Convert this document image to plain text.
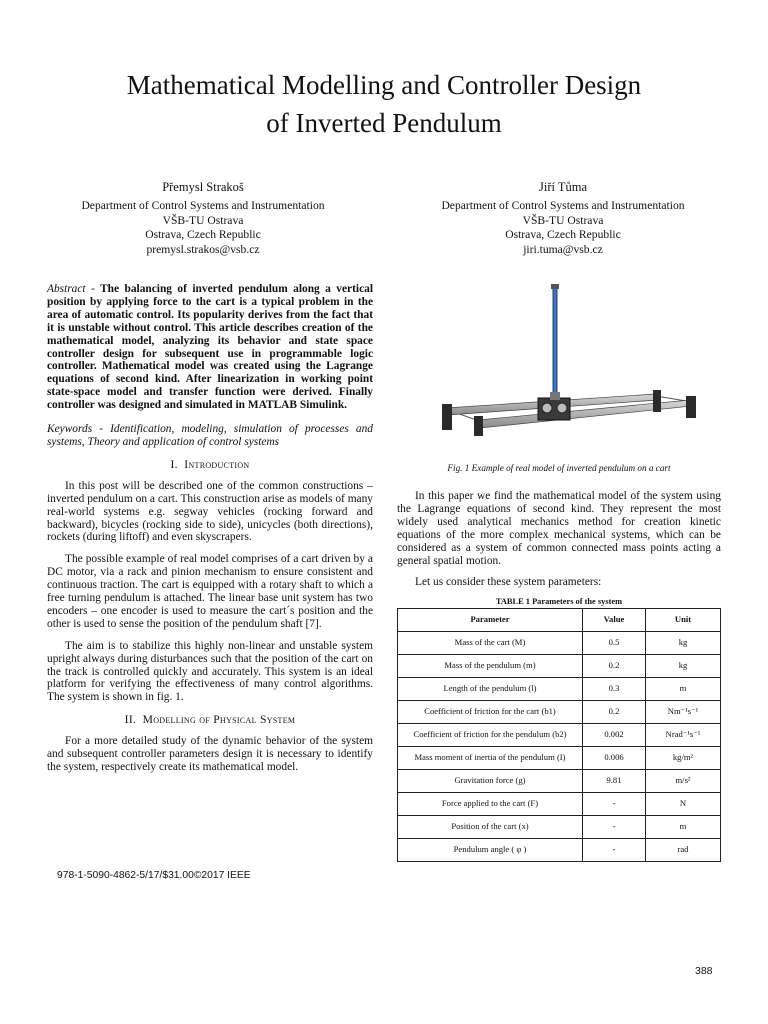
Mathematical Modelling and Controller Design
of Inverted Pendulum
Přemysl Strakoš
Department of Control Systems and Instrumentation
VŠB-TU Ostrava
Ostrava, Czech Republic
premysl.strakos@vsb.cz
Jiří Tůma
Department of Control Systems and Instrumentation
VŠB-TU Ostrava
Ostrava, Czech Republic
jiri.tuma@vsb.cz

Abstract - The balancing of inverted pendulum along a vertical position by applying force to the cart is a typical problem in the area of automatic control. Its popularity derives from the fact that it is unstable without control. This article describes creation of the mathematical model, analyzing its behavior and state space controller design for subsequent use in programmable logic controller. Mathematical model was created using the Lagrange equations of second kind. After linearization in working point state-space model and transfer function were derived. Finally controller was designed and simulated in MATLAB Simulink.

Keywords - Identification, modeling, simulation of processes and systems, Theory and application of control systems

I. Introduction

In this post will be described one of the common constructions – inverted pendulum on a cart. This construction arise as models of many real-world systems e.g. segway vehicles (rocking forward and backward), bicycles (rocking side to side), unicycles (both directions), rockets (during liftoff) and even skyscrapers.

The possible example of real model comprises of a cart driven by a DC motor, via a rack and pinion mechanism to ensure consistent and continuous traction. The cart is equipped with a rotary shaft to which a free turning pendulum is attached. The linear base unit system has two encoders – one encoder is used to measure the cart´s position and the other is used to sense the position of the pendulum shaft [7].

The aim is to stabilize this highly non-linear and unstable system upright always during disturbances such that the position of the cart on the track is controlled quickly and accurately. This system is an ideal platform for verifying the effectiveness of many control algorithms. The system is shown in fig. 1.

II. Modelling of Physical System

For a more detailed study of the dynamic behavior of the system and subsequent controller parameters design it is necessary to identify the system, respectively create its mathematical model.

Fig. 1 Example of real model of inverted pendulum on a cart

In this paper we find the mathematical model of the system using the Lagrange equations of second kind. They represent the most widely used analytical mechanics method for creation kinetic equations of the more complex mechanical systems, which can be considered as a system of common connected mass points acting a general spatial motion.

Let us consider these system parameters:

TABLE 1 Parameters of the system
Parameter	Value	Unit
Mass of the cart (M)	0.5	kg
Mass of the pendulum (m)	0.2	kg
Length of the pendulum (l)	0.3	m
Coefficient of friction for the cart (b1)	0.2	Nm⁻¹s⁻¹
Coefficient of friction for the pendulum (b2)	0.002	Nrad⁻¹s⁻¹
Mass moment of inertia of the pendulum (I)	0.006	kg/m²
Gravitation force (g)	9.81	m/s²
Force applied to the cart (F)	-	N
Position of the cart (x)	-	m
Pendulum angle ( φ )	-	rad
978-1-5090-4862-5/17/$31.00©2017 IEEE
388
